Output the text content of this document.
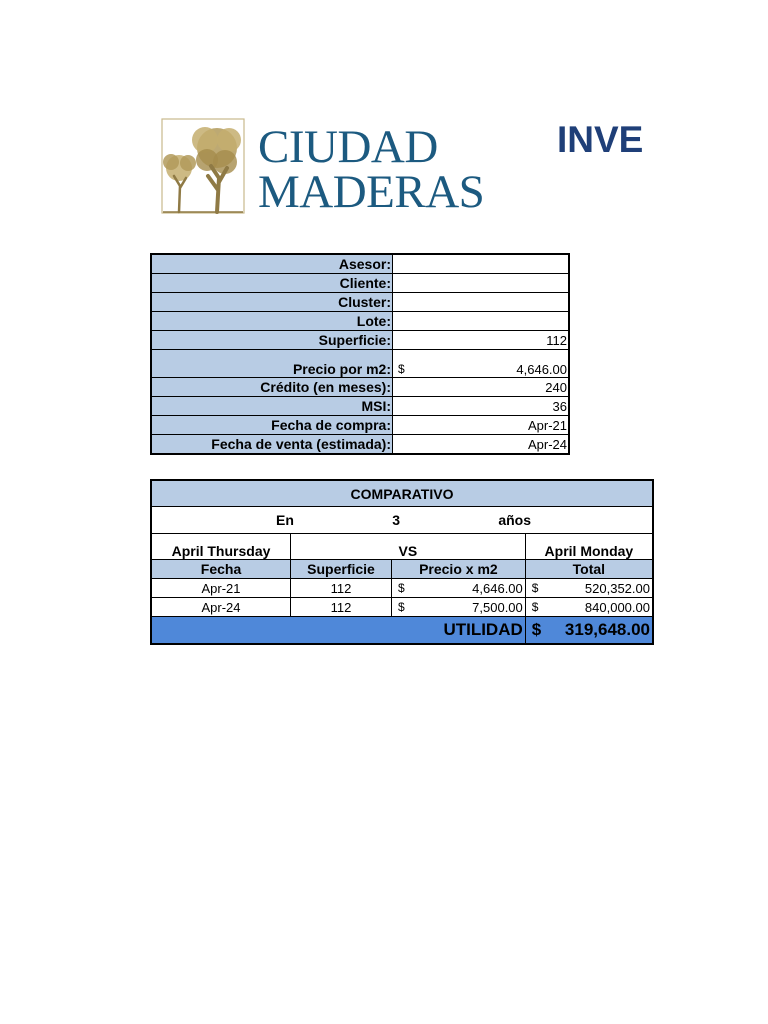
CIUDAD
MADERAS
INVE
Asesor:	
Cliente:	
Cluster:	
Lote:	
Superficie:	112
Precio por m2:	$ 4,646.00

Crédito (en meses):	240
MSI:	36
Fecha de compra:	Apr-21
Fecha de venta (estimada):	Apr-24
COMPARATIVO			

En 3 años			

April Thursday	VS		April Monday
Fecha	Superficie	Precio x m2	Total
Apr-21	112	$ 4,646.00	$ 520,352.00
Apr-24	112	$ 7,500.00	$ 840,000.00
UTILIDAD			$ 319,648.00
